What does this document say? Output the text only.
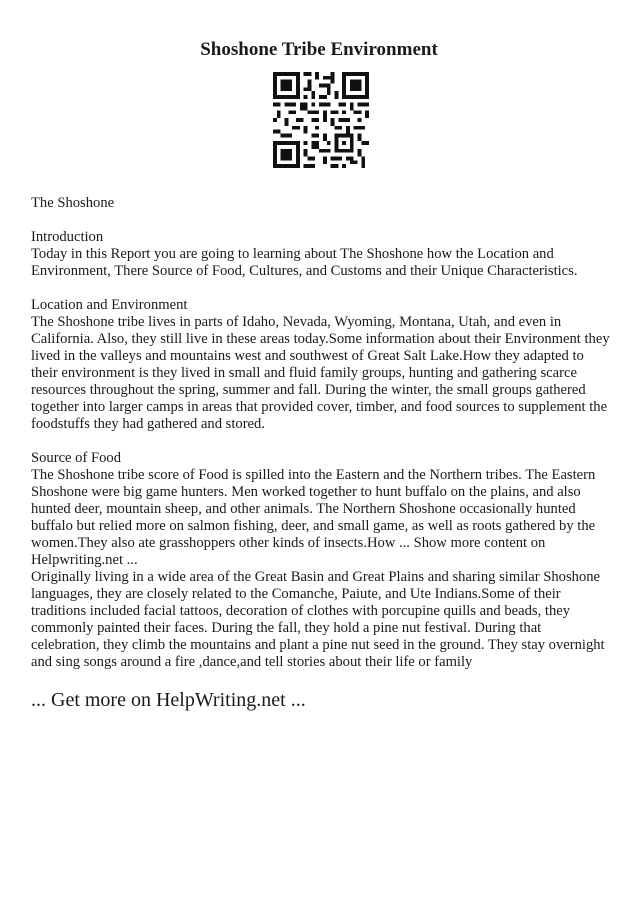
Shoshone Tribe Environment

The Shoshone

Introduction
Today in this Report you are going to learning about The Shoshone how the Location and Environment, There Source of Food, Cultures, and Customs and their Unique Characteristics.

Location and Environment
The Shoshone tribe lives in parts of Idaho, Nevada, Wyoming, Montana, Utah, and even in California. Also, they still live in these areas today.Some information about their Environment they lived in the valleys and mountains west and southwest of Great Salt Lake.How they adapted to their environment is they lived in small and fluid family groups, hunting and gathering scarce resources throughout the spring, summer and fall. During the winter, the small groups gathered together into larger camps in areas that provided cover, timber, and food sources to supplement the foodstuffs they had gathered and stored.

Source of Food
The Shoshone tribe score of Food is spilled into the Eastern and the Northern tribes. The Eastern Shoshone were big game hunters. Men worked together to hunt buffalo on the plains, and also hunted deer, mountain sheep, and other animals. The Northern Shoshone occasionally hunted buffalo but relied more on salmon fishing, deer, and small game, as well as roots gathered by the women.They also ate grasshoppers other kinds of insects.How ... Show more content on Helpwriting.net ...
Originally living in a wide area of the Great Basin and Great Plains and sharing similar Shoshone languages, they are closely related to the Comanche, Paiute, and Ute Indians.Some of their traditions included facial tattoos, decoration of clothes with porcupine quills and beads, they commonly painted their faces. During the fall, they hold a pine nut festival. During that celebration, they climb the mountains and plant a pine nut seed in the ground. They stay overnight and sing songs around a fire ,dance,and tell stories about their life or family

... Get more on HelpWriting.net ...
